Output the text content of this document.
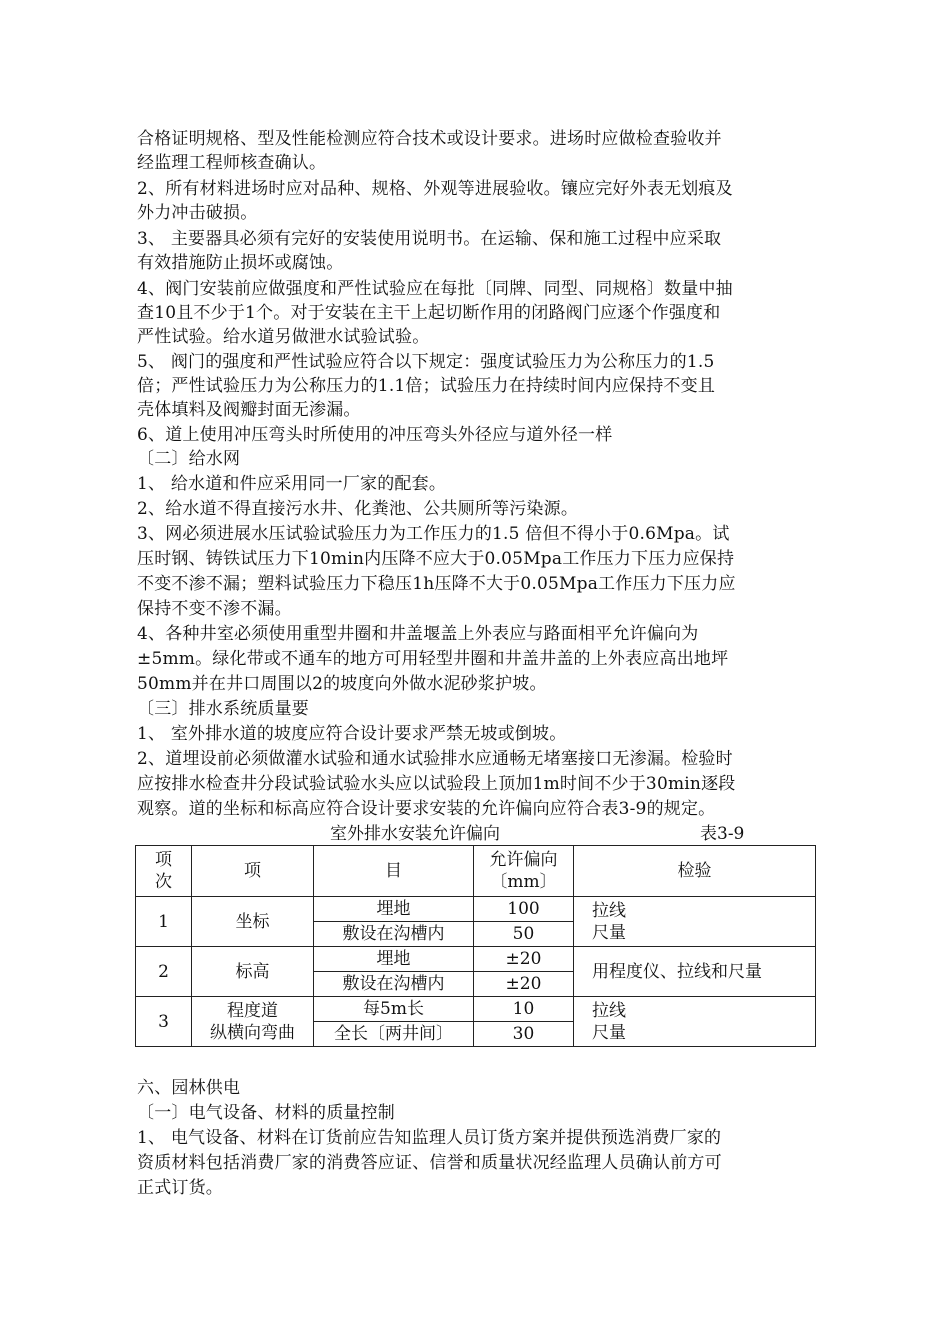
合格证明规格、型及性能检测应符合技术或设计要求。进场时应做检查验收并
经监理工程师核查确认。
2、所有材料进场时应对品种、规格、外观等进展验收。镶应完好外表无划痕及
外力冲击破损。
3、 主要器具必须有完好的安装使用说明书。在运输、保和施工过程中应采取
有效措施防止损坏或腐蚀。
4、阀门安装前应做强度和严性试验应在每批〔同牌、同型、同规格〕数量中抽
查10且不少于1个。对于安装在主干上起切断作用的闭路阀门应逐个作强度和
严性试验。给水道另做泄水试验试验。
5、 阀门的强度和严性试验应符合以下规定：强度试验压力为公称压力的1.5
倍；严性试验压力为公称压力的1.1倍；试验压力在持续时间内应保持不变且
壳体填料及阀瓣封面无渗漏。
6、道上使用冲压弯头时所使用的冲压弯头外径应与道外径一样
〔二〕给水网
1、 给水道和件应采用同一厂家的配套。
2、给水道不得直接污水井、化粪池、公共厕所等污染源。
3、网必须进展水压试验试验压力为工作压力的1.5 倍但不得小于0.6Mpa。试
压时钢、铸铁试压力下10min内压降不应大于0.05Mpa工作压力下压力应保持
不变不渗不漏；塑料试验压力下稳压1h压降不大于0.05Mpa工作压力下压力应
保持不变不渗不漏。
4、各种井室必须使用重型井圈和井盖堰盖上外表应与路面相平允许偏向为
±5mm。绿化带或不通车的地方可用轻型井圈和井盖井盖的上外表应高出地坪
50mm并在井口周围以2的坡度向外做水泥砂浆护坡。
〔三〕排水系统质量要
1、 室外排水道的坡度应符合设计要求严禁无坡或倒坡。
2、道埋设前必须做灌水试验和通水试验排水应通畅无堵塞接口无渗漏。检验时
应按排水检查井分段试验试验水头应以试验段上顶加1m时间不少于30min逐段
观察。道的坐标和标高应符合设计要求安装的允许偏向应符合表3-9的规定。
室外排水安装允许偏向	表3-9
项
次	项	目	允许偏向
〔mm〕	检验
1	坐标	埋地	100	拉线
尺量
		敷设在沟槽内	50	
2	标高	埋地	±20	用程度仪、拉线和尺量
		敷设在沟槽内	±20	
3	程度道
纵横向弯曲	每5m长	10	拉线
尺量
		全长〔两井间〕	30	
六、园林供电
〔一〕电气设备、材料的质量控制
1、 电气设备、材料在订货前应告知监理人员订货方案并提供预选消费厂家的
资质材料包括消费厂家的消费答应证、信誉和质量状况经监理人员确认前方可
正式订货。
